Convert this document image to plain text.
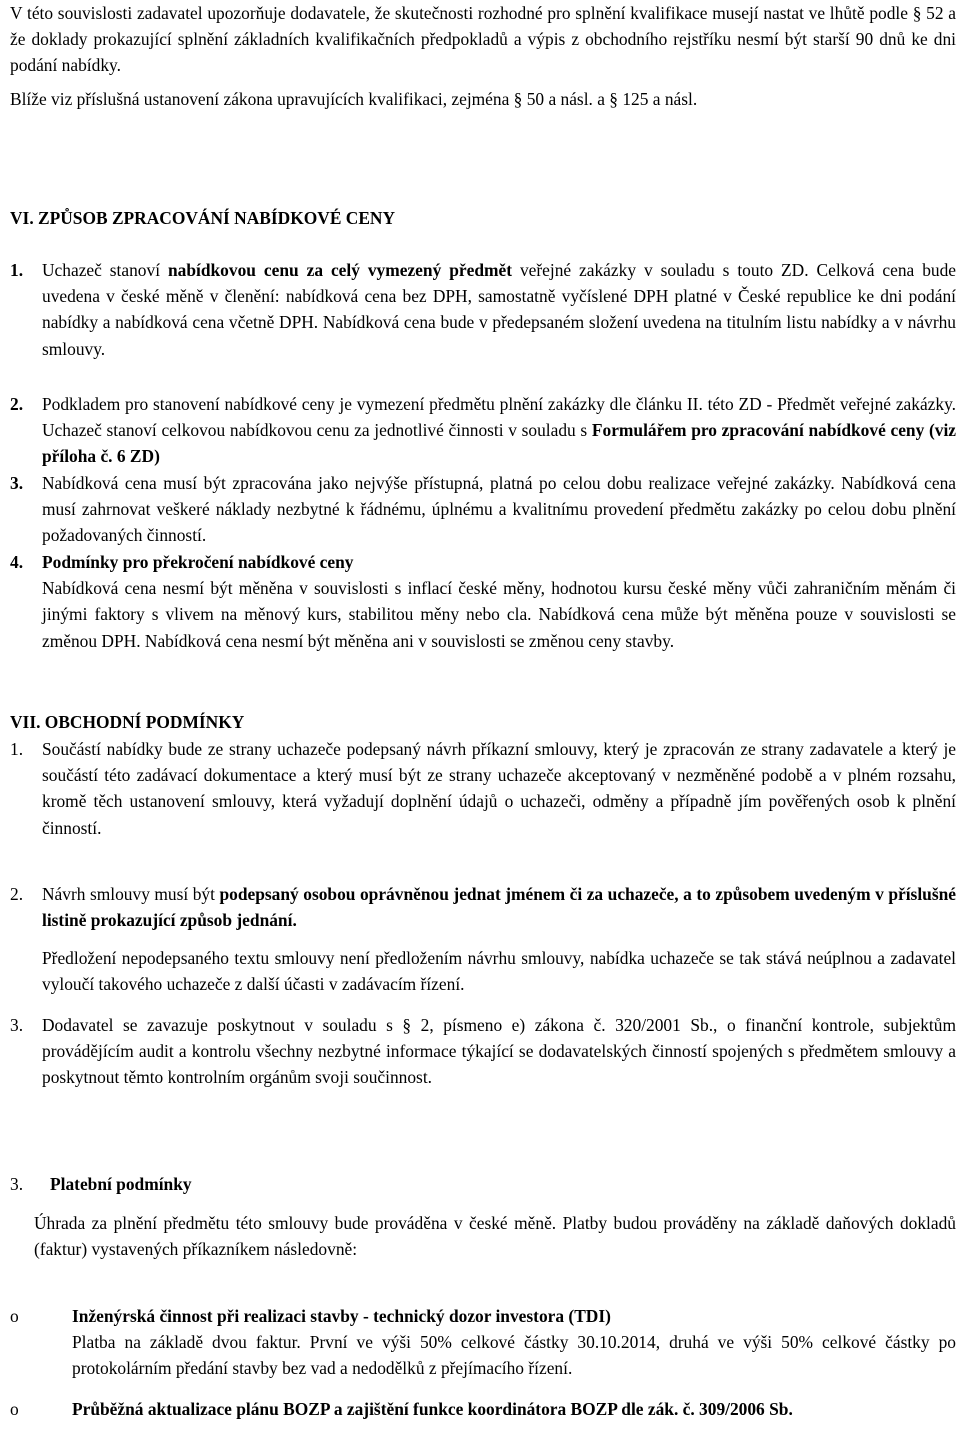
V této souvislosti zadavatel upozorňuje dodavatele, že skutečnosti rozhodné pro splnění kvalifikace musejí nastat ve lhůtě podle § 52 a že doklady prokazující splnění základních kvalifikačních předpokladů a výpis z obchodního rejstříku nesmí být starší 90 dnů ke dni podání nabídky.

Blíže viz příslušná ustanovení zákona upravujících kvalifikaci, zejména § 50 a násl. a § 125 a násl.

VI. ZPŮSOB ZPRACOVÁNÍ NABÍDKOVÉ CENY
1. Uchazeč stanoví nabídkovou cenu za celý vymezený předmět veřejné zakázky v souladu s touto ZD. Celková cena bude uvedena v české měně v členění: nabídková cena bez DPH, samostatně vyčíslené DPH platné v České republice ke dni podání nabídky a nabídková cena včetně DPH. Nabídková cena bude v předepsaném složení uvedena na titulním listu nabídky a v návrhu smlouvy.
2. Podkladem pro stanovení nabídkové ceny je vymezení předmětu plnění zakázky dle článku II. této ZD - Předmět veřejné zakázky. Uchazeč stanoví celkovou nabídkovou cenu za jednotlivé činnosti v souladu s Formulářem pro zpracování nabídkové ceny (viz příloha č. 6 ZD)
3. Nabídková cena musí být zpracována jako nejvýše přístupná, platná po celou dobu realizace veřejné zakázky. Nabídková cena musí zahrnovat veškeré náklady nezbytné k řádnému, úplnému a kvalitnímu provedení předmětu zakázky po celou dobu plnění požadovaných činností.
4. Podmínky pro překročení nabídkové ceny
Nabídková cena nesmí být měněna v souvislosti s inflací české měny, hodnotou kursu české měny vůči zahraničním měnám či jinými faktory s vlivem na měnový kurs, stabilitou měny nebo cla. Nabídková cena může být měněna pouze v souvislosti se změnou DPH. Nabídková cena nesmí být měněna ani v souvislosti se změnou ceny stavby.
VII. OBCHODNÍ PODMÍNKY
1. Součástí nabídky bude ze strany uchazeče podepsaný návrh příkazní smlouvy, který je zpracován ze strany zadavatele a který je součástí této zadávací dokumentace a který musí být ze strany uchazeče akceptovaný v nezměněné podobě a v plném rozsahu, kromě těch ustanovení smlouvy, která vyžadují doplnění údajů o uchazeči, odměny a případně jím pověřených osob k plnění činností.
2. Návrh smlouvy musí být podepsaný osobou oprávněnou jednat jménem či za uchazeče, a to způsobem uvedeným v příslušné listině prokazující způsob jednání.

Předložení nepodepsaného textu smlouvy není předložením návrhu smlouvy, nabídka uchazeče se tak stává neúplnou a zadavatel vyloučí takového uchazeče z další účasti v zadávacím řízení.

3. Dodavatel se zavazuje poskytnout v souladu s § 2, písmeno e) zákona č. 320/2001 Sb., o finanční kontrole, subjektům provádějícím audit a kontrolu všechny nezbytné informace týkající se dodavatelských činností spojených s předmětem smlouvy a poskytnout těmto kontrolním orgánům svoji součinnost.
3. Platební podmínky

Úhrada za plnění předmětu této smlouvy bude prováděna v české měně. Platby budou prováděny na základě daňových dokladů (faktur) vystavených příkazníkem následovně:

o	Inženýrská činnost při realizaci stavby - technický dozor investora (TDI)
Platba na základě dvou faktur. První ve výši 50% celkové částky 30.10.2014, druhá ve výši 50% celkové částky po protokolárním předání stavby bez vad a nedodělků z přejímacího řízení.
o	Průběžná aktualizace plánu BOZP a zajištění funkce koordinátora BOZP dle zák. č. 309/2006 Sb.
